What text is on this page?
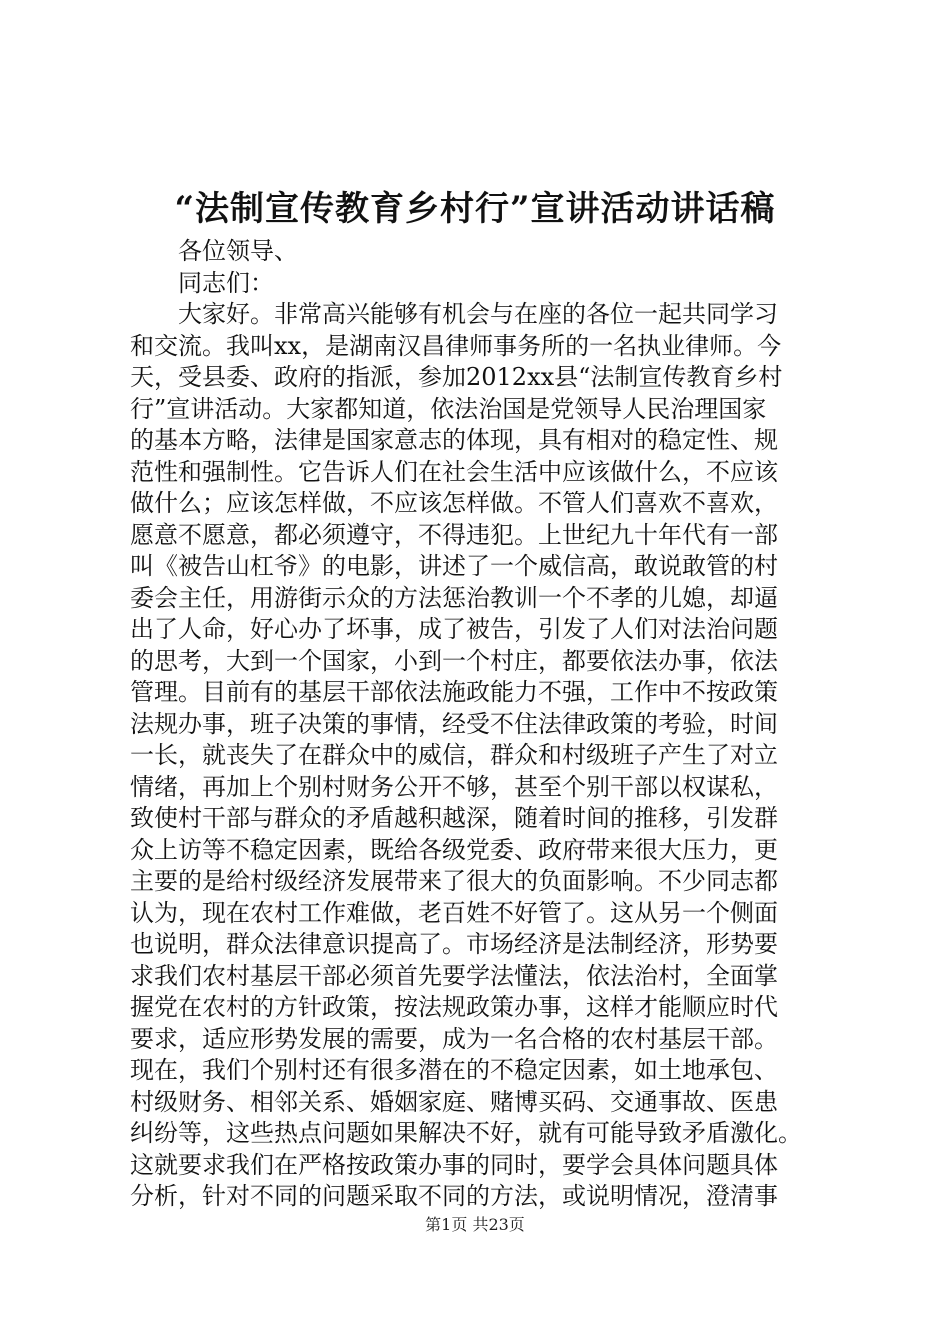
“法制宣传教育乡村行”宣讲活动讲话稿
各位领导、
同志们：
大家好。非常高兴能够有机会与在座的各位一起共同学习
和交流。我叫xx，是湖南汉昌律师事务所的一名执业律师。今
天，受县委、政府的指派，参加2012xx县“法制宣传教育乡村
行”宣讲活动。大家都知道，依法治国是党领导人民治理国家
的基本方略，法律是国家意志的体现，具有相对的稳定性、规
范性和强制性。它告诉人们在社会生活中应该做什么，不应该
做什么；应该怎样做，不应该怎样做。不管人们喜欢不喜欢，
愿意不愿意，都必须遵守，不得违犯。上世纪九十年代有一部
叫《被告山杠爷》的电影，讲述了一个威信高，敢说敢管的村
委会主任，用游街示众的方法惩治教训一个不孝的儿媳，却逼
出了人命，好心办了坏事，成了被告，引发了人们对法治问题
的思考，大到一个国家，小到一个村庄，都要依法办事，依法
管理。目前有的基层干部依法施政能力不强，工作中不按政策
法规办事，班子决策的事情，经受不住法律政策的考验，时间
一长，就丧失了在群众中的威信，群众和村级班子产生了对立
情绪，再加上个别村财务公开不够，甚至个别干部以权谋私，
致使村干部与群众的矛盾越积越深，随着时间的推移，引发群
众上访等不稳定因素，既给各级党委、政府带来很大压力，更
主要的是给村级经济发展带来了很大的负面影响。不少同志都
认为，现在农村工作难做，老百姓不好管了。这从另一个侧面
也说明，群众法律意识提高了。市场经济是法制经济，形势要
求我们农村基层干部必须首先要学法懂法，依法治村，全面掌
握党在农村的方针政策，按法规政策办事，这样才能顺应时代
要求，适应形势发展的需要，成为一名合格的农村基层干部。
现在，我们个别村还有很多潜在的不稳定因素，如土地承包、
村级财务、相邻关系、婚姻家庭、赌博买码、交通事故、医患
纠纷等，这些热点问题如果解决不好，就有可能导致矛盾激化。
这就要求我们在严格按政策办事的同时，要学会具体问题具体
分析，针对不同的问题采取不同的方法，或说明情况，澄清事
第1页 共23页
